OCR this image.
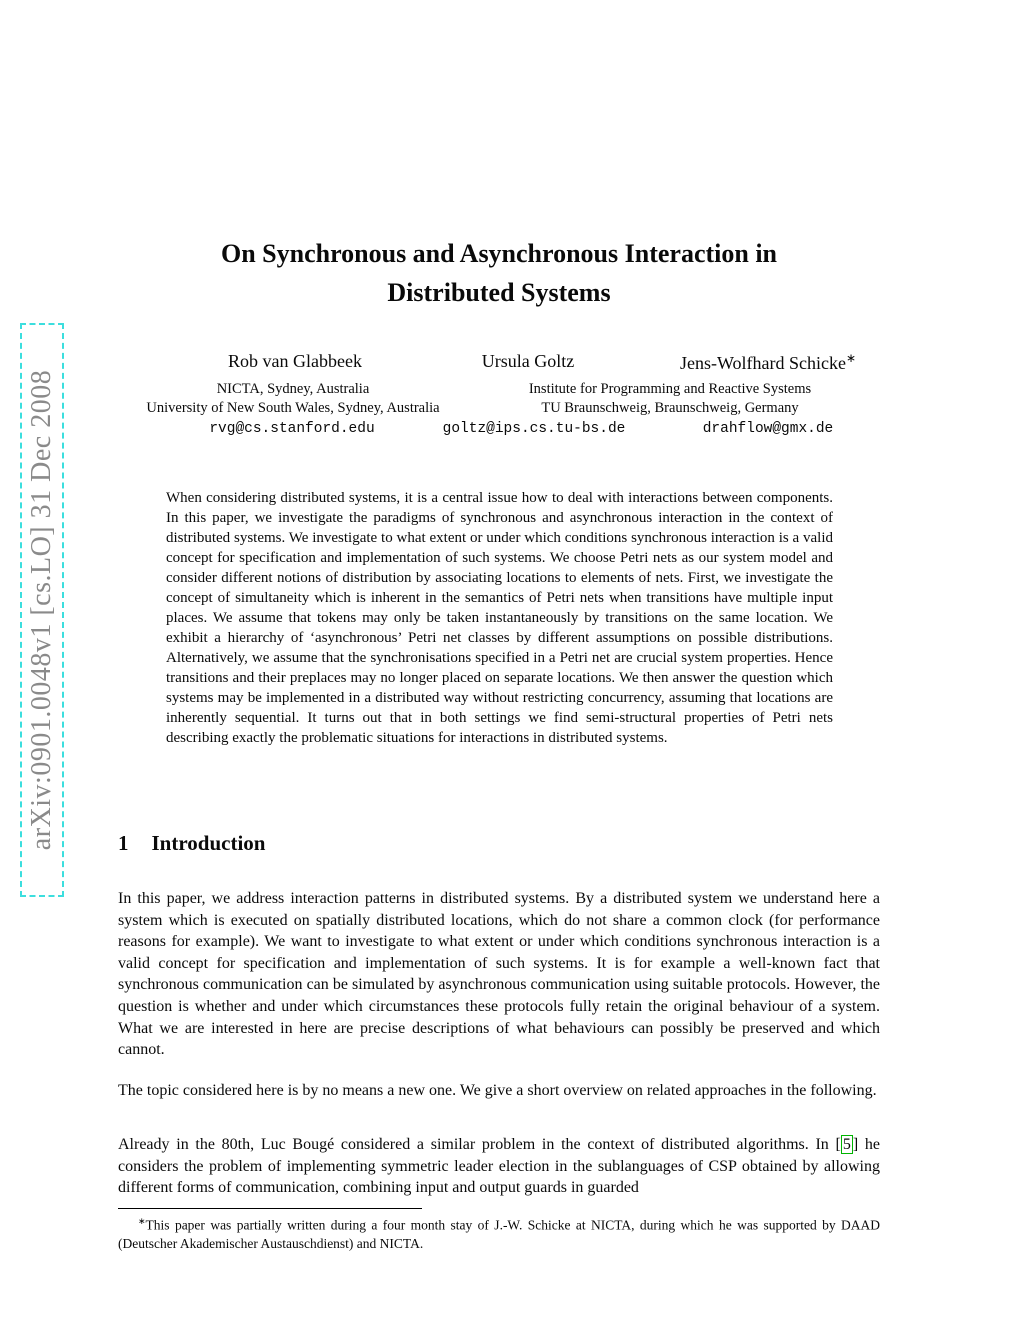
arXiv:0901.0048v1 [cs.LO] 31 Dec 2008
On Synchronous and Asynchronous Interaction in
Distributed Systems
Rob van Glabbeek	Ursula Goltz	Jens-Wolfhard Schicke∗
NICTA, Sydney, Australia
University of New South Wales, Sydney, Australia
Institute for Programming and Reactive Systems
TU Braunschweig, Braunschweig, Germany
rvg@cs.stanford.edu	goltz@ips.cs.tu-bs.de	drahflow@gmx.de
When considering distributed systems, it is a central issue how to deal with interactions between components. In this paper, we investigate the paradigms of synchronous and asynchronous interaction in the context of distributed systems. We investigate to what extent or under which conditions synchronous interaction is a valid concept for specification and implementation of such systems. We choose Petri nets as our system model and consider different notions of distribution by associating locations to elements of nets. First, we investigate the concept of simultaneity which is inherent in the semantics of Petri nets when transitions have multiple input places. We assume that tokens may only be taken instantaneously by transitions on the same location. We exhibit a hierarchy of ‘asynchronous’ Petri net classes by different assumptions on possible distributions. Alternatively, we assume that the synchronisations specified in a Petri net are crucial system properties. Hence transitions and their preplaces may no longer placed on separate locations. We then answer the question which systems may be implemented in a distributed way without restricting concurrency, assuming that locations are inherently sequential. It turns out that in both settings we find semi-structural properties of Petri nets describing exactly the problematic situations for interactions in distributed systems.
1 Introduction

In this paper, we address interaction patterns in distributed systems. By a distributed system we understand here a system which is executed on spatially distributed locations, which do not share a common clock (for performance reasons for example). We want to investigate to what extent or under which conditions synchronous interaction is a valid concept for specification and implementation of such systems. It is for example a well-known fact that synchronous communication can be simulated by asynchronous communication using suitable protocols. However, the question is whether and under which circumstances these protocols fully retain the original behaviour of a system. What we are interested in here are precise descriptions of what behaviours can possibly be preserved and which cannot.

The topic considered here is by no means a new one. We give a short overview on related approaches in the following.

Already in the 80th, Luc Bougé considered a similar problem in the context of distributed algorithms. In [ 5 ] he considers the problem of implementing symmetric leader election in the sublanguages of CSP obtained by allowing different forms of communication, combining input and output guards in guarded

∗This paper was partially written during a four month stay of J.-W. Schicke at NICTA, during which he was supported by DAAD (Deutscher Akademischer Austauschdienst) and NICTA.
